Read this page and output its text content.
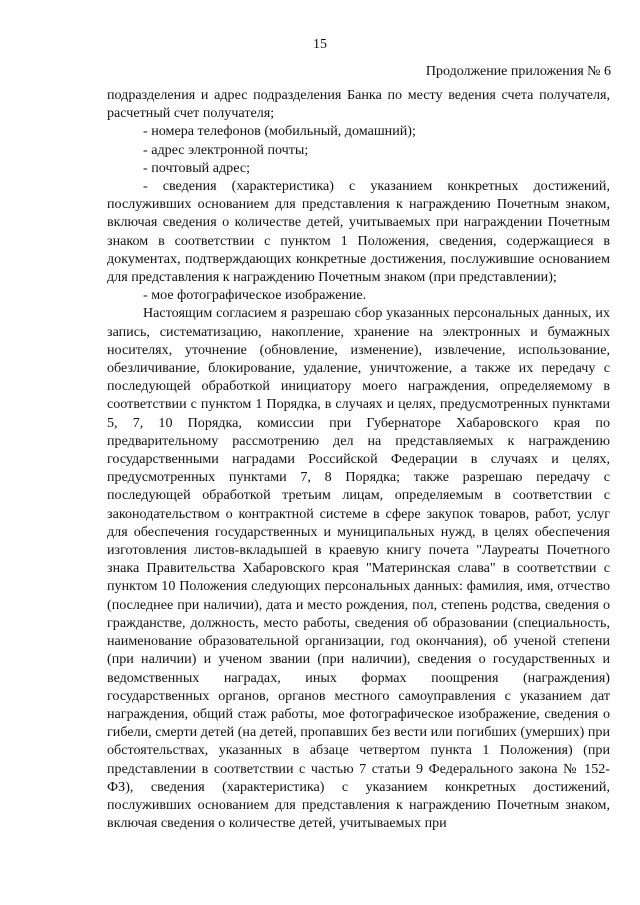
15
Продолжение приложения № 6

подразделения и адрес подразделения Банка по месту ведения счета получателя, расчетный счет получателя;

- номера телефонов (мобильный, домашний);

- адрес электронной почты;

- почтовый адрес;

- сведения (характеристика) с указанием конкретных достижений, послуживших основанием для представления к награждению Почетным знаком, включая сведения о количестве детей, учитываемых при награждении Почетным знаком в соответствии с пунктом 1 Положения, сведения, содержащиеся в документах, подтверждающих конкретные достижения, послужившие основанием для представления к награждению Почетным знаком (при представлении);

- мое фотографическое изображение.

Настоящим согласием я разрешаю сбор указанных персональных данных, их запись, систематизацию, накопление, хранение на электронных и бумажных носителях, уточнение (обновление, изменение), извлечение, использование, обезличивание, блокирование, удаление, уничтожение, а также их передачу с последующей обработкой инициатору моего награждения, определяемому в соответствии с пунктом 1 Порядка, в случаях и целях, предусмотренных пунктами 5, 7, 10 Порядка, комиссии при Губернаторе Хабаровского края по предварительному рассмотрению дел на представляемых к награждению государственными наградами Российской Федерации в случаях и целях, предусмотренных пунктами 7, 8 Порядка; также разрешаю передачу с последующей обработкой третьим лицам, определяемым в соответствии с законодательством о контрактной системе в сфере закупок товаров, работ, услуг для обеспечения государственных и муниципальных нужд, в целях обеспечения изготовления листов-вкладышей в краевую книгу почета "Лауреаты Почетного знака Правительства Хабаровского края "Материнская слава" в соответствии с пунктом 10 Положения следующих персональных данных: фамилия, имя, отчество (последнее при наличии), дата и место рождения, пол, степень родства, сведения о гражданстве, должность, место работы, сведения об образовании (специальность, наименование образовательной организации, год окончания), об ученой степени (при наличии) и ученом звании (при наличии), сведения о государственных и ведомственных наградах, иных формах поощрения (награждения) государственных органов, органов местного самоуправления с указанием дат награждения, общий стаж работы, мое фотографическое изображение, сведения о гибели, смерти детей (на детей, пропавших без вести или погибших (умерших) при обстоятельствах, указанных в абзаце четвертом пункта 1 Положения) (при представлении в соответствии с частью 7 статьи 9 Федерального закона № 152-ФЗ), сведения (характеристика) с указанием конкретных достижений, послуживших основанием для представления к награждению Почетным знаком, включая сведения о количестве детей, учитываемых при
